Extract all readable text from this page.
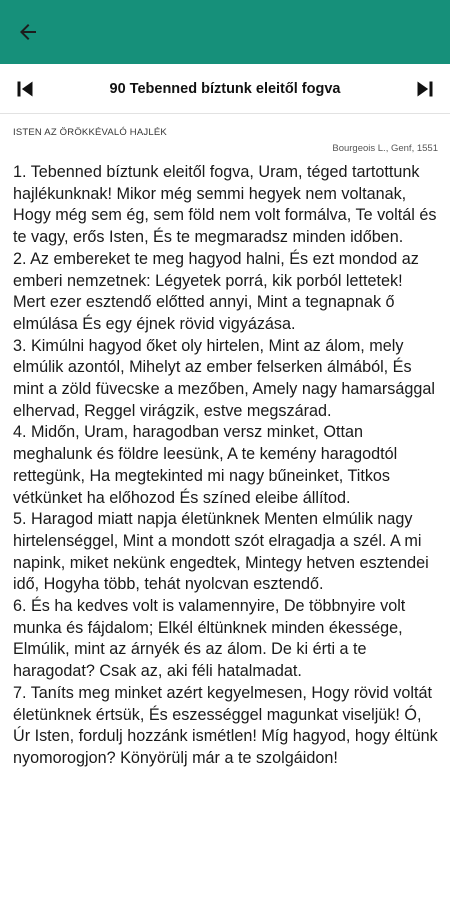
90 Tebenned bíztunk eleitől fogva
ISTEN AZ ÖRÖKKÉVALÓ HAJLÉK
Bourgeois L., Genf, 1551
1. Tebenned bíztunk eleitől fogva, Uram, téged tartottunk hajlékunknak! Mikor még semmi hegyek nem voltanak, Hogy még sem ég, sem föld nem volt formálva, Te voltál és te vagy, erős Isten, És te megmaradsz minden időben.
2. Az embereket te meg hagyod halni, És ezt mondod az emberi nemzetnek: Légyetek porrá, kik porból lettetek! Mert ezer esztendő előtted annyi, Mint a tegnapnak ő elmúlása És egy éjnek rövid vigyázása.
3. Kimúlni hagyod őket oly hirtelen, Mint az álom, mely elmúlik azontól, Mihelyt az ember felserken álmából, És mint a zöld füvecske a mezőben, Amely nagy hamarsággal elhervad, Reggel virágzik, estve megszárad.
4. Midőn, Uram, haragodban versz minket, Ottan meghalunk és földre leesünk, A te kemény haragodtól rettegünk, Ha megtekinted mi nagy bűneinket, Titkos vétkünket ha előhozod És színed eleibe állítod.
5. Haragod miatt napja életünknek Menten elmúlik nagy hirtelenséggel, Mint a mondott szót elragadja a szél. A mi napink, miket nekünk engedtek, Mintegy hetven esztendei idő, Hogyha több, tehát nyolcvan esztendő.
6. És ha kedves volt is valamennyire, De többnyire volt munka és fájdalom; Elkél éltünknek minden ékessége, Elmúlik, mint az árnyék és az álom. De ki érti a te haragodat? Csak az, aki féli hatalmadat.
7. Taníts meg minket azért kegyelmesen, Hogy rövid voltát életünknek értsük, És eszességgel magunkat viseljük! Ó, Úr Isten, fordulj hozzánk ismétlen! Míg hagyod, hogy éltünk nyomorogjon? Könyörülj már a te szolgáidon!
